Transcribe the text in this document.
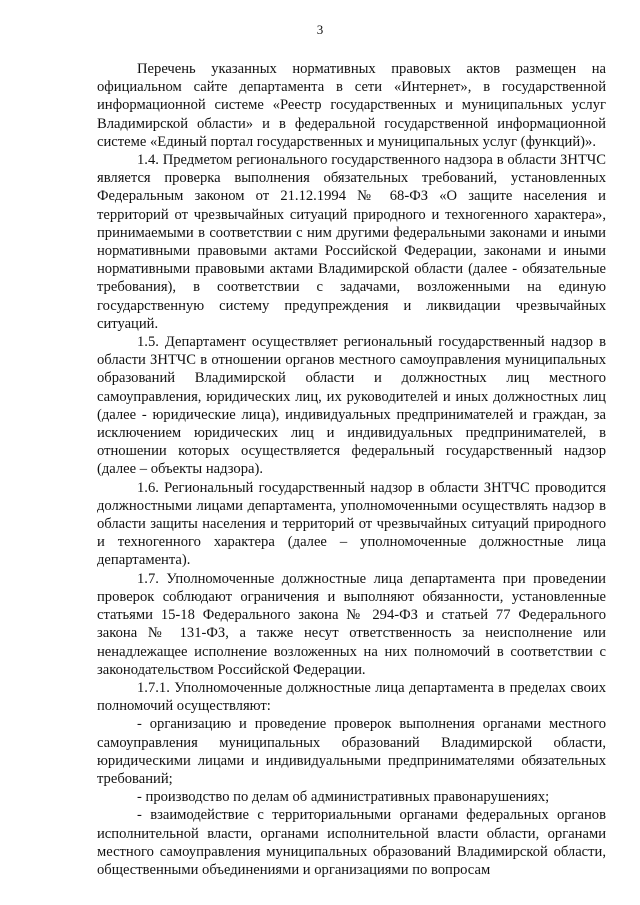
3

Перечень указанных нормативных правовых актов размещен на официальном сайте департамента в сети «Интернет», в государственной информационной системе «Реестр государственных и муниципальных услуг Владимирской области» и в федеральной государственной информационной системе «Единый портал государственных и муниципальных услуг (функций)».

1.4. Предметом регионального государственного надзора в области ЗНТЧС является проверка выполнения обязательных требований, установленных Федеральным законом от 21.12.1994 № 68-ФЗ «О защите населения и территорий от чрезвычайных ситуаций природного и техногенного характера», принимаемыми в соответствии с ним другими федеральными законами и иными нормативными правовыми актами Российской Федерации, законами и иными нормативными правовыми актами Владимирской области (далее - обязательные требования), в соответствии с задачами, возложенными на единую государственную систему предупреждения и ликвидации чрезвычайных ситуаций.

1.5. Департамент осуществляет региональный государственный надзор в области ЗНТЧС в отношении органов местного самоуправления муниципальных образований Владимирской области и должностных лиц местного самоуправления, юридических лиц, их руководителей и иных должностных лиц (далее - юридические лица), индивидуальных предпринимателей и граждан, за исключением юридических лиц и индивидуальных предпринимателей, в отношении которых осуществляется федеральный государственный надзор (далее – объекты надзора).

1.6. Региональный государственный надзор в области ЗНТЧС проводится должностными лицами департамента, уполномоченными осуществлять надзор в области защиты населения и территорий от чрезвычайных ситуаций природного и техногенного характера (далее – уполномоченные должностные лица департамента).

1.7. Уполномоченные должностные лица департамента при проведении проверок соблюдают ограничения и выполняют обязанности, установленные статьями 15-18 Федерального закона № 294-ФЗ и статьей 77 Федерального закона № 131-ФЗ, а также несут ответственность за неисполнение или ненадлежащее исполнение возложенных на них полномочий в соответствии с законодательством Российской Федерации.

1.7.1. Уполномоченные должностные лица департамента в пределах своих полномочий осуществляют:

- организацию и проведение проверок выполнения органами местного самоуправления муниципальных образований Владимирской области, юридическими лицами и индивидуальными предпринимателями обязательных требований;

- производство по делам об административных правонарушениях;

- взаимодействие с территориальными органами федеральных органов исполнительной власти, органами исполнительной власти области, органами местного самоуправления муниципальных образований Владимирской области, общественными объединениями и организациями по вопросам
